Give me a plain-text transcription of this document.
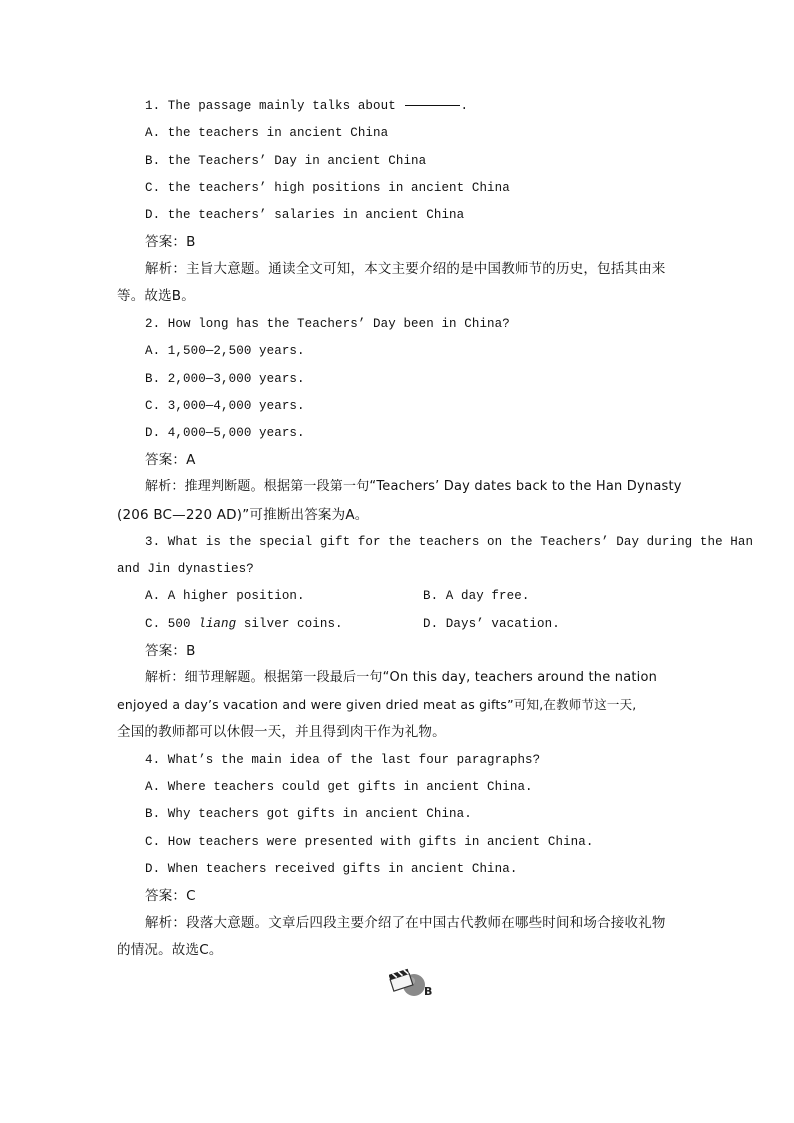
1. The passage mainly talks about	.
A. the teachers in ancient China
B. the Teachers’ Day in ancient China
C. the teachers’ high positions in ancient China
D. the teachers’ salaries in ancient China
答案：B
解析：主旨大意题。通读全文可知，本文主要介绍的是中国教师节的历史，包括其由来
等。故选B。
2. How long has the Teachers’ Day been in China?
A. 1,500—2,500 years.
B. 2,000—3,000 years.
C. 3,000—4,000 years.
D. 4,000—5,000 years.
答案：A
解析：推理判断题。根据第一段第一句“Teachers’ Day dates back to the Han Dynasty
(206 BC—220 AD)”可推断出答案为A。
3. What is the special gift for the teachers on the Teachers’ Day during the Han
and Jin dynasties?
A. A higher position.	B. A day free.
C. 500 liang silver coins.	D. Days’ vacation.
答案：B
解析：细节理解题。根据第一段最后一句“On this day, teachers around the nation
enjoyed a day’s vacation and were given dried meat as gifts”可知,在教师节这一天,
全国的教师都可以休假一天，并且得到肉干作为礼物。
4. What’s the main idea of the last four paragraphs?
A. Where teachers could get gifts in ancient China.
B. Why teachers got gifts in ancient China.
C. How teachers were presented with gifts in ancient China.
D. When teachers received gifts in ancient China.
答案：C
解析：段落大意题。文章后四段主要介绍了在中国古代教师在哪些时间和场合接收礼物
的情况。故选C。
B
